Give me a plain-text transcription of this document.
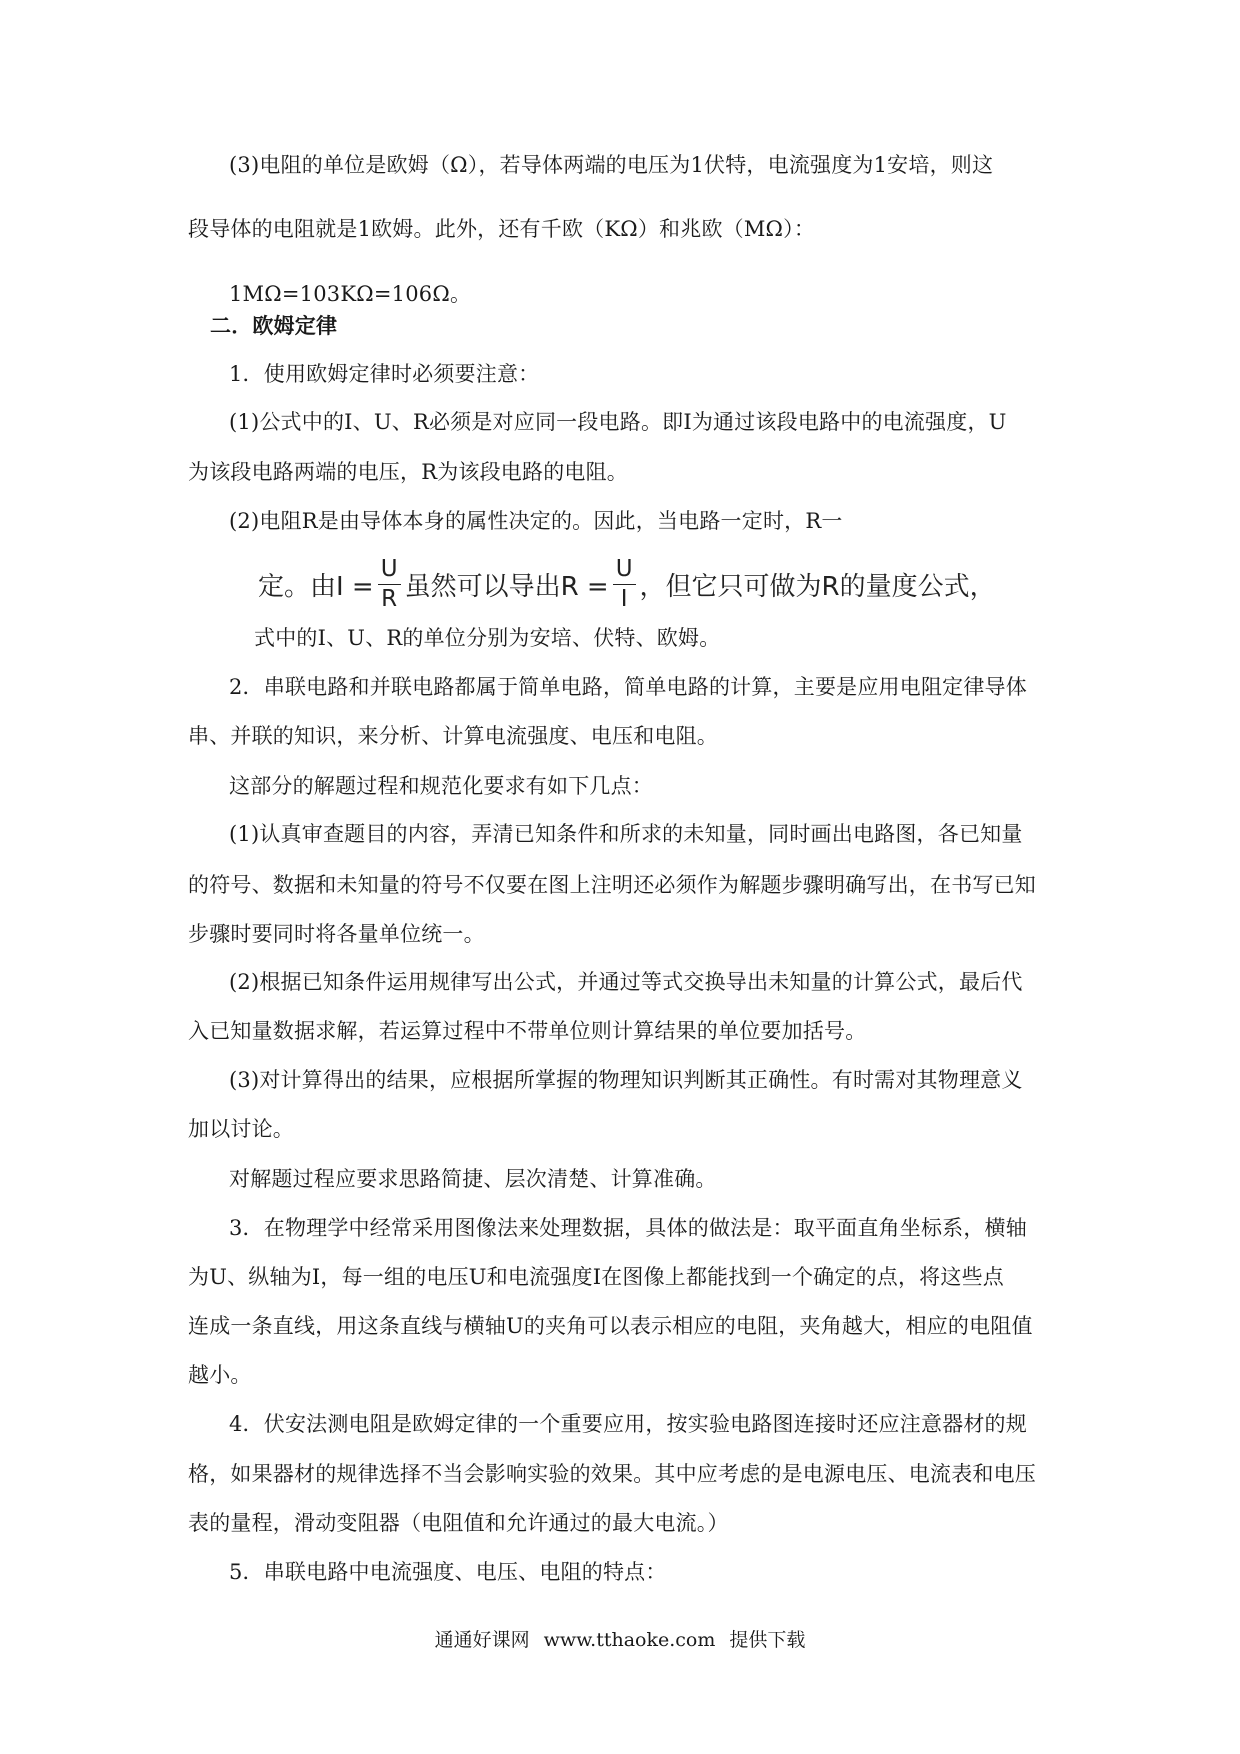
(3)电阻的单位是欧姆（Ω），若导体两端的电压为1伏特，电流强度为1安培，则这
段导体的电阻就是1欧姆。此外，还有千欧（KΩ）和兆欧（MΩ）：
1MΩ=103KΩ=106Ω。
二．欧姆定律
1．使用欧姆定律时必须要注意：
(1)公式中的I、U、R必须是对应同一段电路。即I为通过该段电路中的电流强度，U
为该段电路两端的电压，R为该段电路的电阻。
(2)电阻R是由导体本身的属性决定的。因此，当电路一定时，R一
定。由$I = \frac{U}{R}$ 虽然可以导出$R = \frac{U}{I}$ ，但它只可做为R的量度公式，
式中的I、U、R的单位分别为安培、伏特、欧姆。
2．串联电路和并联电路都属于简单电路，简单电路的计算，主要是应用电阻定律导体
串、并联的知识，来分析、计算电流强度、电压和电阻。
这部分的解题过程和规范化要求有如下几点：
(1)认真审查题目的内容，弄清已知条件和所求的未知量，同时画出电路图，各已知量
的符号、数据和未知量的符号不仅要在图上注明还必须作为解题步骤明确写出，在书写已知
步骤时要同时将各量单位统一。
(2)根据已知条件运用规律写出公式，并通过等式交换导出未知量的计算公式，最后代
入已知量数据求解，若运算过程中不带单位则计算结果的单位要加括号。
(3)对计算得出的结果，应根据所掌握的物理知识判断其正确性。有时需对其物理意义
加以讨论。
对解题过程应要求思路简捷、层次清楚、计算准确。
3．在物理学中经常采用图像法来处理数据，具体的做法是：取平面直角坐标系，横轴
为U、纵轴为I，每一组的电压U和电流强度I在图像上都能找到一个确定的点，将这些点
连成一条直线，用这条直线与横轴U的夹角可以表示相应的电阻，夹角越大，相应的电阻值
越小。
4．伏安法测电阻是欧姆定律的一个重要应用，按实验电路图连接时还应注意器材的规
格，如果器材的规律选择不当会影响实验的效果。其中应考虑的是电源电压、电流表和电压
表的量程，滑动变阻器（电阻值和允许通过的最大电流。）
5．串联电路中电流强度、电压、电阻的特点：
通通好课网 www.tthaoke.com 提供下载
